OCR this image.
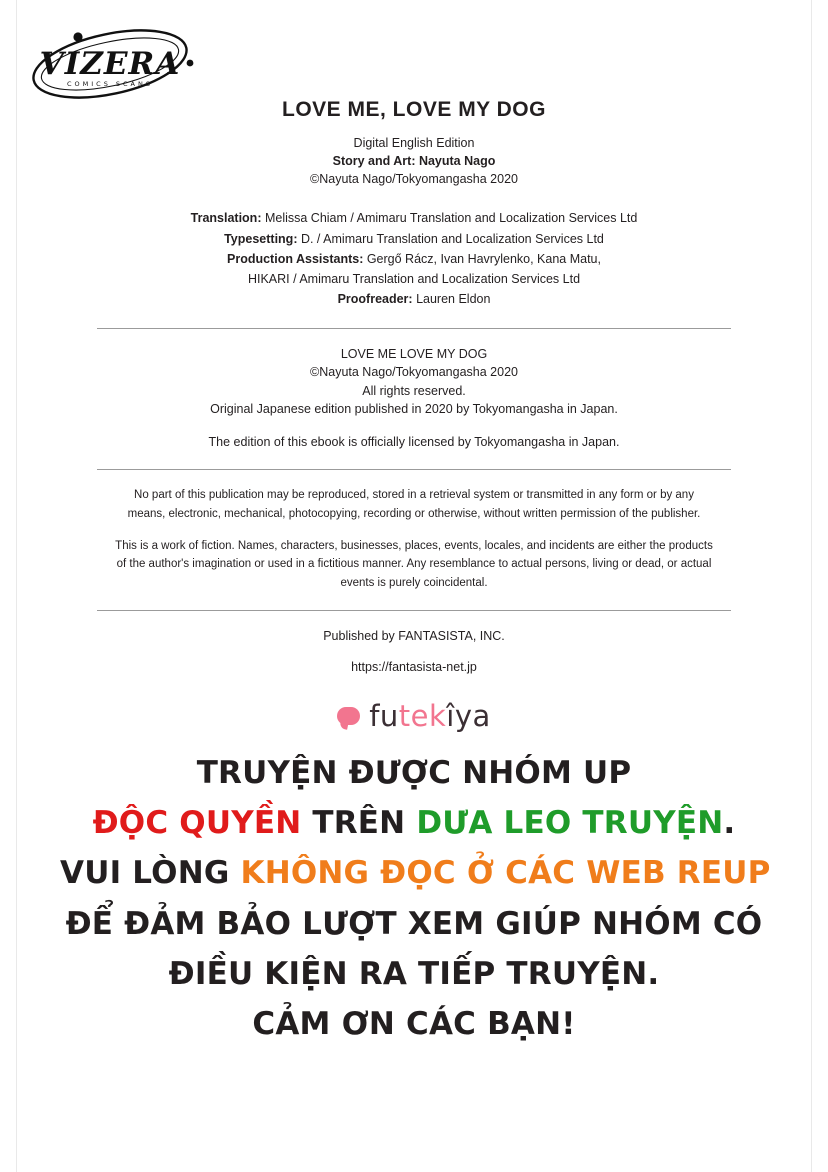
VIZERA
COMICS SCANS
LOVE ME, LOVE MY DOG

Digital English Edition

Story and Art: Nayuta Nago

©Nayuta Nago/Tokyomangasha 2020

Translation: Melissa Chiam / Amimaru Translation and Localization Services Ltd
Typesetting: D. / Amimaru Translation and Localization Services Ltd
Production Assistants: Gergő Rácz, Ivan Havrylenko, Kana Matu,
HIKARI / Amimaru Translation and Localization Services Ltd
Proofreader: Lauren Eldon

LOVE ME LOVE MY DOG

©Nayuta Nago/Tokyomangasha 2020

All rights reserved.

Original Japanese edition published in 2020 by Tokyomangasha in Japan.

The edition of this ebook is officially licensed by Tokyomangasha in Japan.

No part of this publication may be reproduced, stored in a retrieval system or transmitted in any form or by any means, electronic, mechanical, photocopying, recording or otherwise, without written permission of the publisher.

This is a work of fiction. Names, characters, businesses, places, events, locales, and incidents are either the products of the author's imagination or used in a fictitious manner. Any resemblance to actual persons, living or dead, or actual events is purely coincidental.

Published by FANTASISTA, INC.

https://fantasista-net.jp

futekîya
TRUYỆN ĐƯỢC NHÓM UP
ĐỘC QUYỀN TRÊN DƯA LEO TRUYỆN.
VUI LÒNG KHÔNG ĐỌC Ở CÁC WEB REUP
ĐỂ ĐẢM BẢO LƯỢT XEM GIÚP NHÓM CÓ
ĐIỀU KIỆN RA TIẾP TRUYỆN.
CẢM ƠN CÁC BẠN!
